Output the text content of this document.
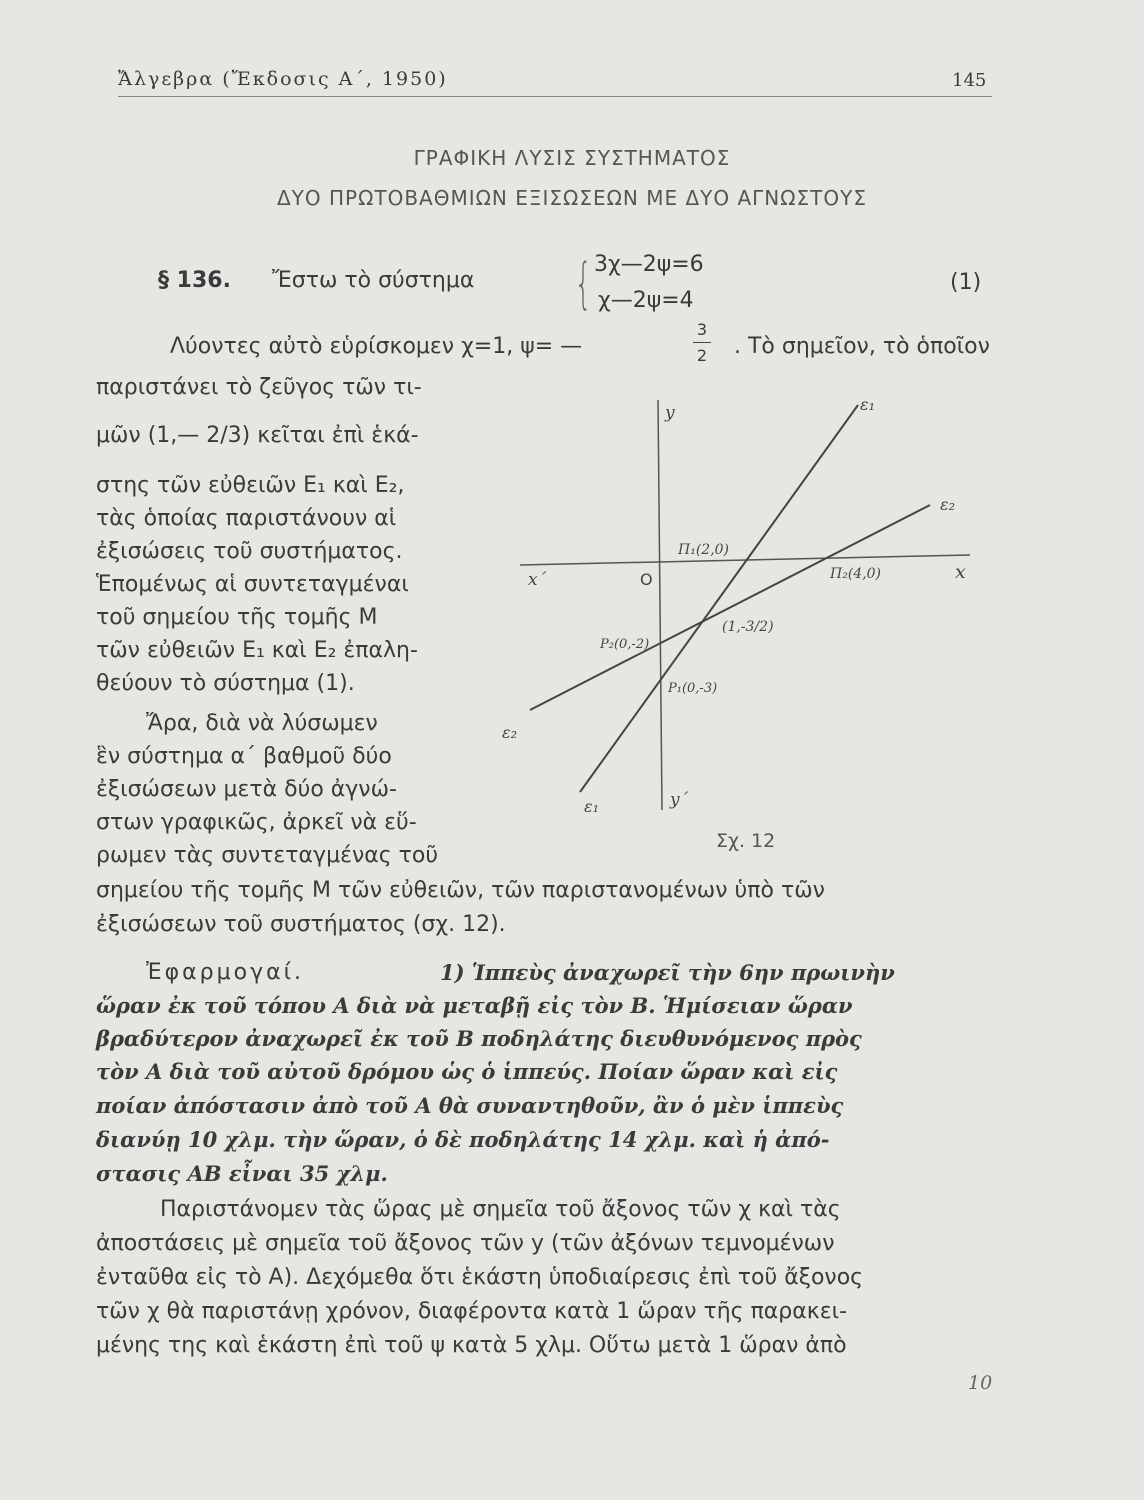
Ἄλγεβρα (Ἔκδοσις Α΄, 1950)	145
ΓΡΑΦΙΚΗ ΛΥΣΙΣ ΣΥΣΤΗΜΑΤΟΣ
ΔΥΟ ΠΡΩΤΟΒΑΘΜΙΩΝ ΕΞΙΣΩΣΕΩΝ ΜΕ ΔΥΟ ΑΓΝΩΣΤΟΥΣ
§ 136. Ἔστω τὸ σύστημα { 3χ—2ψ=6
χ—2ψ=4
(1)
Λύοντες αὐτὸ εὑρίσκομεν χ=1, ψ= —
3
2 . Τὸ σημεῖον, τὸ ὁποῖον
παριστάνει τὸ ζεῦγος τῶν τι-
μῶν (1,— 2/3) κεῖται ἐπὶ ἑκά-
στης τῶν εὐθειῶν Ε₁ καὶ Ε₂,
τὰς ὁποίας παριστάνουν αἱ
ἐξισώσεις τοῦ συστήματος.
Ἑπομένως αἱ συντεταγμέναι
τοῦ σημείου τῆς τομῆς Μ
τῶν εὐθειῶν Ε₁ καὶ Ε₂ ἐπαλη-
θεύουν τὸ σύστημα (1).
Ἄρα, διὰ νὰ λύσωμεν
ἓν σύστημα α΄ βαθμοῦ δύο
ἐξισώσεων μετὰ δύο ἀγνώ-
στων γραφικῶς, ἀρκεῖ νὰ εὕ-
ρωμεν τὰς συντεταγμένας τοῦ
y
y΄
x
x΄	O
ε₁
ε₁
ε₂
ε₂
Π₁(2,0)
Π₂(4,0)
Ρ₂(0,-2)
Ρ₁(0,-3)
(1,-3/2)
Σχ. 12
σημείου τῆς τομῆς Μ τῶν εὐθειῶν, τῶν παριστανομένων ὑπὸ τῶν
ἐξισώσεων τοῦ συστήματος (σχ. 12).
Ἐφαρμογαί.	1) Ἱππεὺς ἀναχωρεῖ τὴν 6ην πρωινὴν
ὥραν ἐκ τοῦ τόπου Α διὰ νὰ μεταβῇ εἰς τὸν Β. Ἡμίσειαν ὥραν
βραδύτερον ἀναχωρεῖ ἐκ τοῦ Β ποδηλάτης διευθυνόμενος πρὸς
τὸν Α διὰ τοῦ αὐτοῦ δρόμου ὡς ὁ ἱππεύς. Ποίαν ὥραν καὶ εἰς
ποίαν ἀπόστασιν ἀπὸ τοῦ Α θὰ συναντηθοῦν, ἂν ὁ μὲν ἱππεὺς
διανύῃ 10 χλμ. τὴν ὥραν, ὁ δὲ ποδηλάτης 14 χλμ. καὶ ἡ ἀπό-
στασις ΑΒ εἶναι 35 χλμ.
Παριστάνομεν τὰς ὥρας μὲ σημεῖα τοῦ ἄξονος τῶν χ καὶ τὰς
ἀποστάσεις μὲ σημεῖα τοῦ ἄξονος τῶν y (τῶν ἀξόνων τεμνομένων
ἐνταῦθα εἰς τὸ Α). Δεχόμεθα ὅτι ἑκάστη ὑποδιαίρεσις ἐπὶ τοῦ ἄξονος
τῶν χ θὰ παριστάνῃ χρόνον, διαφέροντα κατὰ 1 ὥραν τῆς παρακει-
μένης της καὶ ἑκάστη ἐπὶ τοῦ ψ κατὰ 5 χλμ. Οὕτω μετὰ 1 ὥραν ἀπὸ
10
